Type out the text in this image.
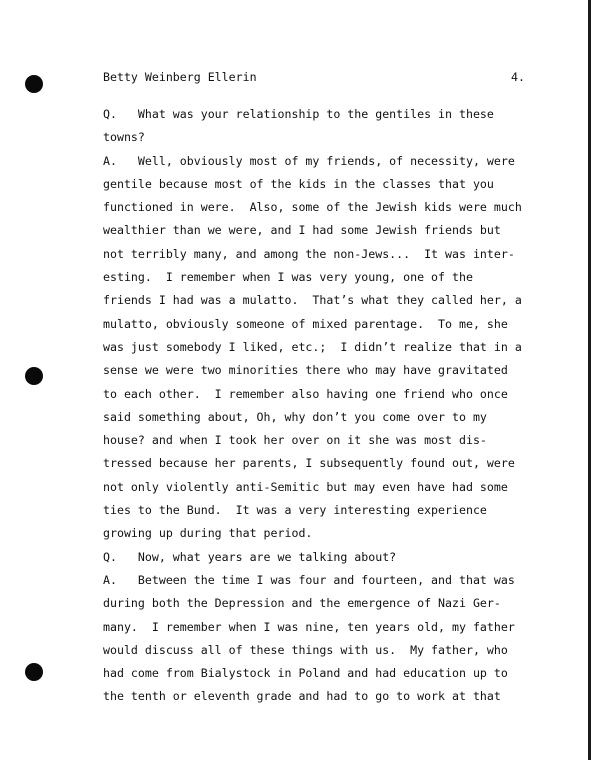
Betty Weinberg Ellerin	4.
Q.   What was your relationship to the gentiles in these
towns?
A.   Well, obviously most of my friends, of necessity, were
gentile because most of the kids in the classes that you
functioned in were.  Also, some of the Jewish kids were much
wealthier than we were, and I had some Jewish friends but
not terribly many, and among the non-Jews...  It was inter-
esting.  I remember when I was very young, one of the
friends I had was a mulatto.  That’s what they called her, a
mulatto, obviously someone of mixed parentage.  To me, she
was just somebody I liked, etc.;  I didn’t realize that in a
sense we were two minorities there who may have gravitated
to each other.  I remember also having one friend who once
said something about, Oh, why don’t you come over to my
house? and when I took her over on it she was most dis-
tressed because her parents, I subsequently found out, were
not only violently anti-Semitic but may even have had some
ties to the Bund.  It was a very interesting experience
growing up during that period.
Q.   Now, what years are we talking about?
A.   Between the time I was four and fourteen, and that was
during both the Depression and the emergence of Nazi Ger-
many.  I remember when I was nine, ten years old, my father
would discuss all of these things with us.  My father, who
had come from Bialystock in Poland and had education up to
the tenth or eleventh grade and had to go to work at that
